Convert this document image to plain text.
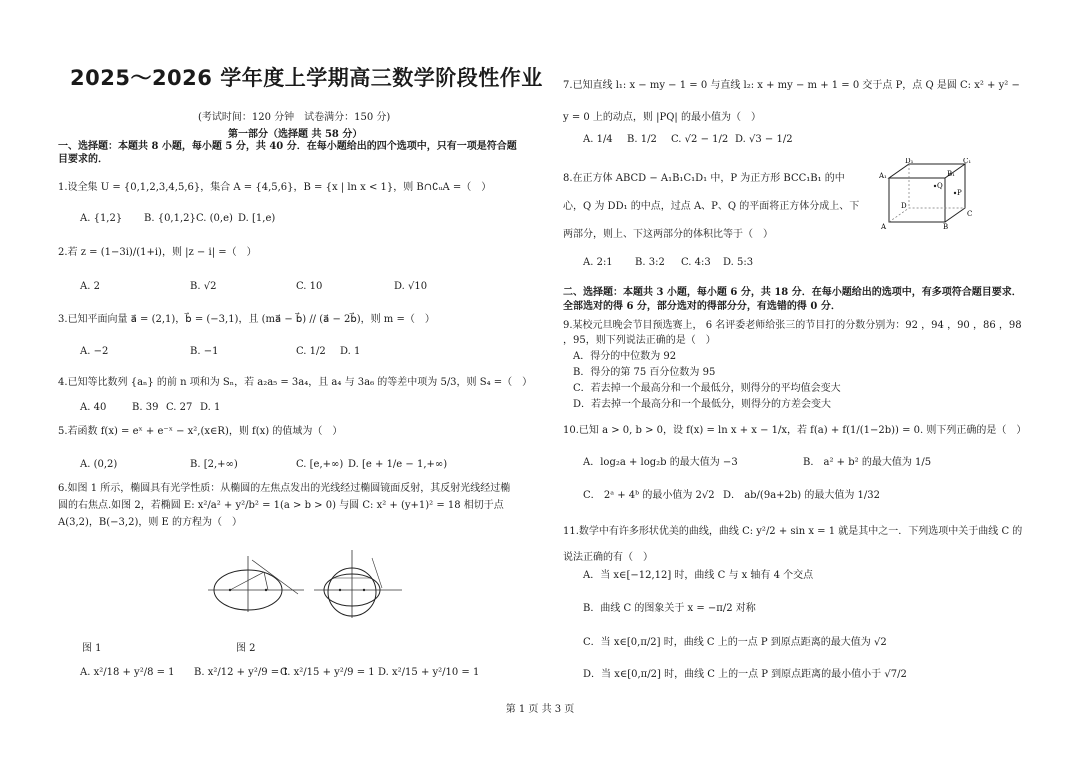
2025～2026 学年度上学期高三数学阶段性作业
(考试时间：120 分钟　试卷满分：150 分)
第一部分（选择题 共 58 分）
一、选择题：本题共 8 小题，每小题 5 分，共 40 分．在每小题给出的四个选项中，只有一项是符合题目要求的．
1.设全集 U = {0,1,2,3,4,5,6}，集合 A = {4,5,6}，B = {x | ln x < 1}，则 B∩∁ᵤA =（　）
A. {1,2} B. {0,1,2} C. (0,e) D. [1,e)
2.若 z = (1−3i)/(1+i)，则 |z − i| =（　）
A. 2	B. √2	C. 10	D. √10
3.已知平面向量 a⃗ = (2,1)，b⃗ = (−3,1)，且 (ma⃗ − b⃗) // (a⃗ − 2b⃗)，则 m =（　）
A. −2	B. −1	C. 1/2 D. 1
4.已知等比数列 {aₙ} 的前 n 项和为 Sₙ，若 a₂a₅ = 3a₄，且 a₄ 与 3a₆ 的等差中项为 5/3，则 S₄ =（　）
A. 40	B. 39 C. 27 D. 1
5.若函数 f(x) = eˣ + e⁻ˣ − x²,(x∈R)，则 f(x) 的值域为（　）
A. (0,2)	B. [2,+∞)	C. [e,+∞) D. [e + 1/e − 1,+∞)
6.如图 1 所示，椭圆具有光学性质：从椭圆的左焦点发出的光线经过椭圆镜面反射，其反射光线经过椭圆的右焦点.如图 2，若椭圆 E: x²/a² + y²/b² = 1(a > b > 0) 与圆 C: x² + (y+1)² = 18 相切于点 A(3,2)，B(−3,2)，则 E 的方程为（　）
图 1	图 2
A. x²/18 + y²/8 = 1 B. x²/12 + y²/9 = 1
C. x²/15 + y²/9 = 1 D. x²/15 + y²/10 = 1
7.已知直线 l₁: x − my − 1 = 0 与直线 l₂: x + my − m + 1 = 0 交于点 P，点 Q 是圆 C: x² + y² − y = 0 上的动点，则 |PQ| 的最小值为（　）
A. 1/4 B. 1/2 C. √2 − 1/2 D. √3 − 1/2
8.在正方体 ABCD − A₁B₁C₁D₁ 中，P 为正方形 BCC₁B₁ 的中心，Q 为 DD₁ 的中点，过点 A、P、Q 的平面将正方体分成上、下两部分，则上、下这两部分的体积比等于（　）
A. 2:1 B. 3:2 C. 4:3 D. 5:3
D₁	C₁
A₁	B₁
Q
P
D
C
A	B
二、选择题：本题共 3 小题，每小题 6 分，共 18 分．在每小题给出的选项中，有多项符合题目要求．全部选对的得 6 分，部分选对的得部分分，有选错的得 0 分．
9.某校元旦晚会节目预选赛上， 6 名评委老师给张三的节目打的分数分别为：92 ，94 ，90 ，86 ，98 ，95，则下列说法正确的是（　）
A．得分的中位数为 92
B．得分的第 75 百分位数为 95
C．若去掉一个最高分和一个最低分，则得分的平均值会变大
D．若去掉一个最高分和一个最低分，则得分的方差会变大
10.已知 a > 0, b > 0，设 f(x) = ln x + x − 1/x，若 f(a) + f(1/(1−2b)) = 0. 则下列正确的是（　）
A．log₂a + log₂b 的最大值为 −3	B． a² + b² 的最大值为 1/5
C． 2ᵃ + 4ᵇ 的最小值为 2√2 D． ab/(9a+2b) 的最大值为 1/32
11.数学中有许多形状优美的曲线，曲线 C: y²/2 + sin x = 1 就是其中之一．下列选项中关于曲线 C 的说法正确的有（　）
A．当 x∈[−12,12] 时，曲线 C 与 x 轴有 4 个交点
B．曲线 C 的图象关于 x = −π/2 对称
C．当 x∈[0,π/2] 时，曲线 C 上的一点 P 到原点距离的最大值为 √2
D．当 x∈[0,π/2] 时，曲线 C 上的一点 P 到原点距离的最小值小于 √7/2
第 1 页 共 3 页
